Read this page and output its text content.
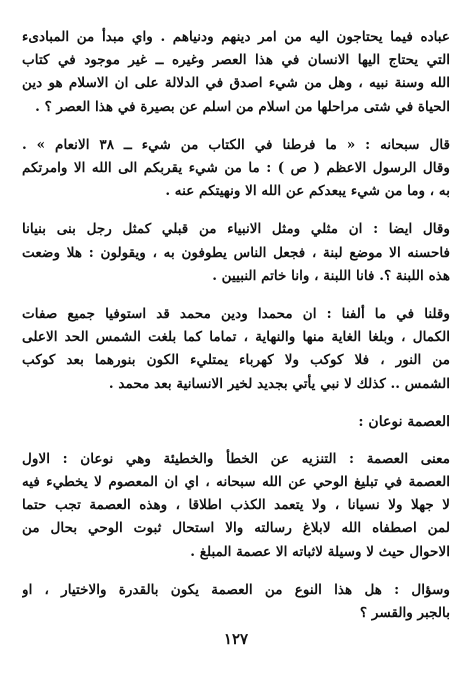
عباده فيما يحتاجون اليه من امر دينهم ودنياهم . واي مبدأ من المبادىء
التي يحتاج اليها الانسان في هذا العصر وغيره ــ غير موجود في كتاب
الله وسنة نبيه ، وهل من شيء اصدق في الدلالة على ان الاسلام هو دين
الحياة في شتى مراحلها من اسلام من اسلم عن بصيرة في هذا العصر ؟ .
قال سبحانه : « ما فرطنا في الكتاب من شيء ــ ٣٨ الانعام » .
وقال الرسول الاعظم ( ص ) : ما من شيء يقربكم الى الله الا وامرتكم
به ، وما من شيء يبعدكم عن الله الا ونهيتكم عنه .
وقال ايضا : ان مثلي ومثل الانبياء من قبلي كمثل رجل بنى بنيانا
فاحسنه الا موضع لبنة ، فجعل الناس يطوفون به ، ويقولون : هلا وضعت
هذه اللبنة ؟. فانا اللبنة ، وانا خاتم النبيين .
وقلنا في ما ألفنا : ان محمدا ودين محمد قد استوفيا جميع صفات
الكمال ، وبلغا الغاية منها والنهاية ، تماما كما بلغت الشمس الحد الاعلى
من النور ، فلا كوكب ولا كهرباء يمتليء الكون بنورهما بعد كوكب
الشمس .. كذلك لا نبي يأتي بجديد لخير الانسانية بعد محمد .
العصمة نوعان :
معنى العصمة : التنزيه عن الخطأ والخطيئة وهي نوعان : الاول
العصمة في تبليغ الوحي عن الله سبحانه ، اي ان المعصوم لا يخطيء فيه
لا جهلا ولا نسيانا ، ولا يتعمد الكذب اطلاقا ، وهذه العصمة تجب حتما
لمن اصطفاه الله لابلاغ رسالته والا استحال ثبوت الوحي بحال من
الاحوال حيث لا وسيلة لاثباته الا عصمة المبلغ .
وسؤال : هل هذا النوع من العصمة يكون بالقدرة والاختيار ، او
بالجبر والقسر ؟
١٢٧
